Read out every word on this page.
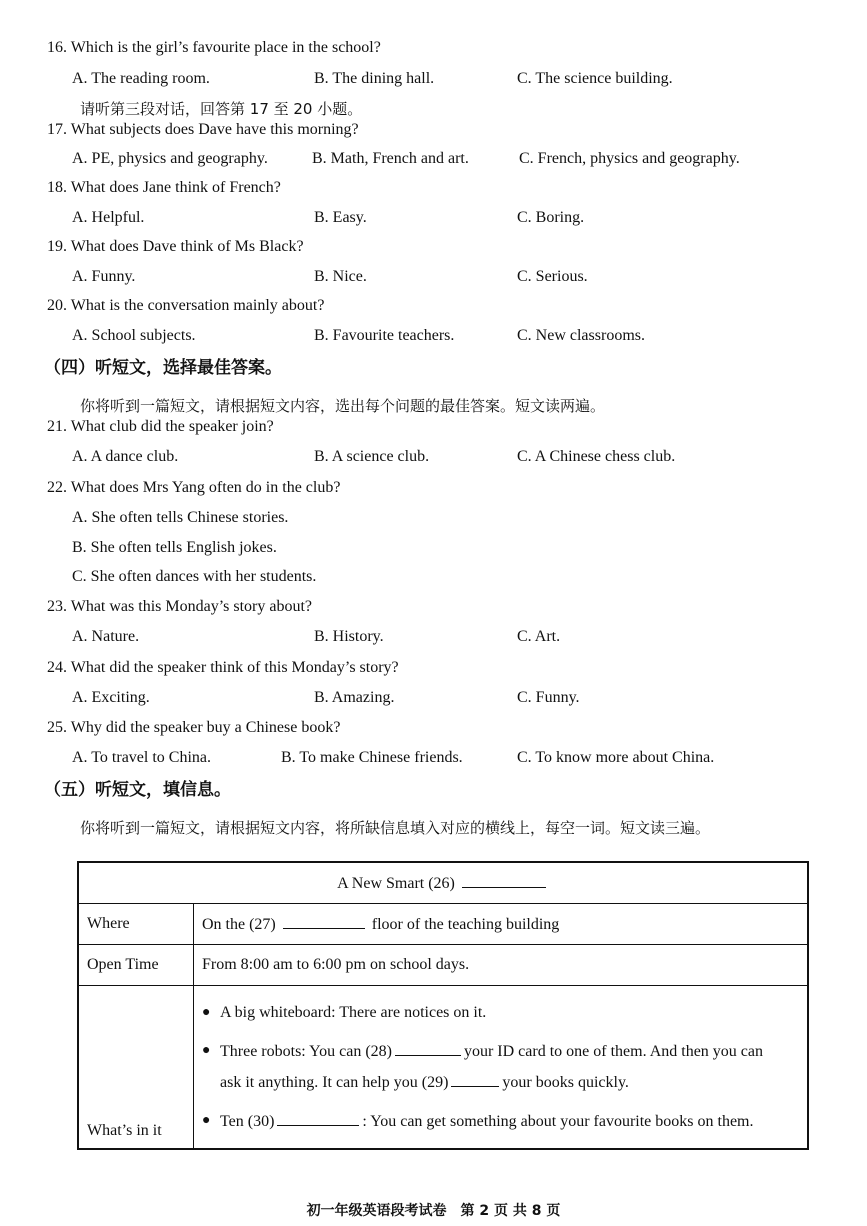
16. Which is the girl’s favourite place in the school?
A. The reading room.	B. The dining hall.	C. The science building.
请听第三段对话，回答第 17 至 20 小题。
17. What subjects does Dave have this morning?
A. PE, physics and geography.	B. Math, French and art.	C. French, physics and geography.
18. What does Jane think of French?
A. Helpful.	B. Easy.	C. Boring.
19. What does Dave think of Ms Black?
A. Funny.	B. Nice.	C. Serious.
20. What is the conversation mainly about?
A. School subjects.	B. Favourite teachers.	C. New classrooms.
（四）听短文，选择最佳答案。
你将听到一篇短文，请根据短文内容，选出每个问题的最佳答案。短文读两遍。
21. What club did the speaker join?
A. A dance club.	B. A science club.	C. A Chinese chess club.
22. What does Mrs Yang often do in the club?
A. She often tells Chinese stories.
B. She often tells English jokes.
C. She often dances with her students.
23. What was this Monday’s story about?
A. Nature.	B. History.	C. Art.
24. What did the speaker think of this Monday’s story?
A. Exciting.	B. Amazing.	C. Funny.
25. Why did the speaker buy a Chinese book?
A. To travel to China.	B. To make Chinese friends.	C. To know more about China.
（五）听短文，填信息。
你将听到一篇短文，请根据短文内容，将所缺信息填入对应的横线上，每空一词。短文读三遍。
A New Smart (26)	
Where	On the (27) floor of the teaching building
Open Time	From 8:00 am to 6:00 pm on school days.
What’s in it	● A big whiteboard: There are notices on it.
● Three robots: You can (28) your ID card to one of them. And then you can
ask it anything. It can help you (29) your books quickly.
● Ten (30) : You can get something about your favourite books on them.
初一年级英语段考试卷　第 2 页 共 8 页
